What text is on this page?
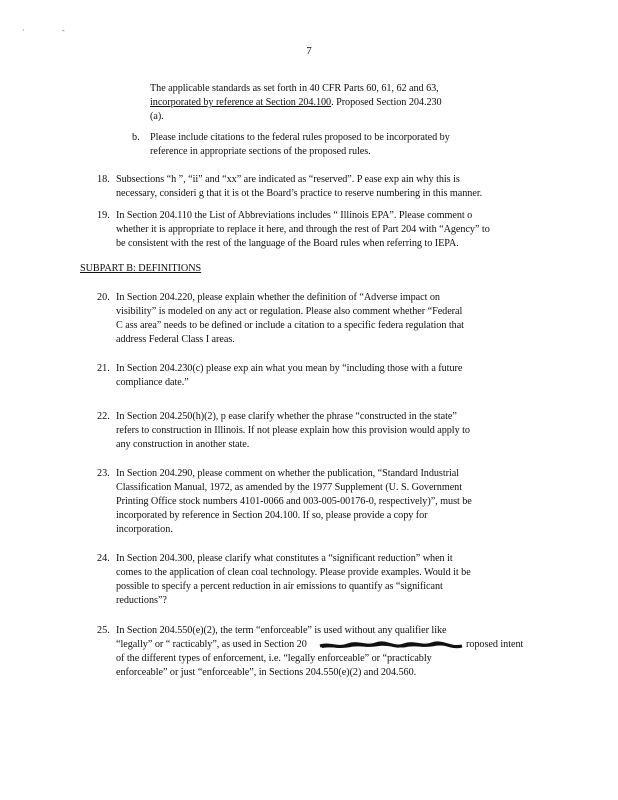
·	-
7
The applicable standards as set forth in 40 CFR Parts 60, 61, 62 and 63,
incorporated by reference at Section 204.100. Proposed Section 204.230
(a).
b. Please include citations to the federal rules proposed to be incorporated by
reference in appropriate sections of the proposed rules.
18. Subsections “h ”, “ii” and “xx” are indicated as “reserved”. P ease exp ain why this is
necessary, consideri g that it is ot the Board’s practice to reserve numbering in this manner.
19. In Section 204.110 the List of Abbreviations includes “ Illinois EPA”. Please comment o
whether it is appropriate to replace it here, and through the rest of Part 204 with “Agency” to
be consistent with the rest of the language of the Board rules when referring to IEPA.
SUBPART B: DEFINITIONS
20. In Section 204.220, please explain whether the definition of “Adverse impact on
visibility” is modeled on any act or regulation. Please also comment whether “Federal
C ass area” needs to be defined or include a citation to a specific federa regulation that
address Federal Class I areas.
21. In Section 204.230(c) please exp ain what you mean by “including those with a future
compliance date.”
22. In Section 204.250(h)(2), p ease clarify whether the phrase “constructed in the state”
refers to construction in Illinois. If not please explain how this provision would apply to
any construction in another state.
23. In Section 204.290, please comment on whether the publication, “Standard Industrial
Classification Manual, 1972, as amended by the 1977 Supplement (U. S. Government
Printing Office stock numbers 4101-0066 and 003-005-00176-0, respectively)”, must be
incorporated by reference in Section 204.100. If so, please provide a copy for
incorporation.
24. In Section 204.300, please clarify what constitutes a “significant reduction” when it
comes to the application of clean coal technology. Please provide examples. Would it be
possible to specify a percent reduction in air emissions to quantify as “significant
reductions”?
25. In Section 204.550(e)(2), the term “enforceable” is used without any qualifier like
“legally” or “ racticably”, as used in Section 20	roposed intent
of the different types of enforcement, i.e. “legally enforceable” or “practicably
enforceable” or just “enforceable”, in Sections 204.550(e)(2) and 204.560.
